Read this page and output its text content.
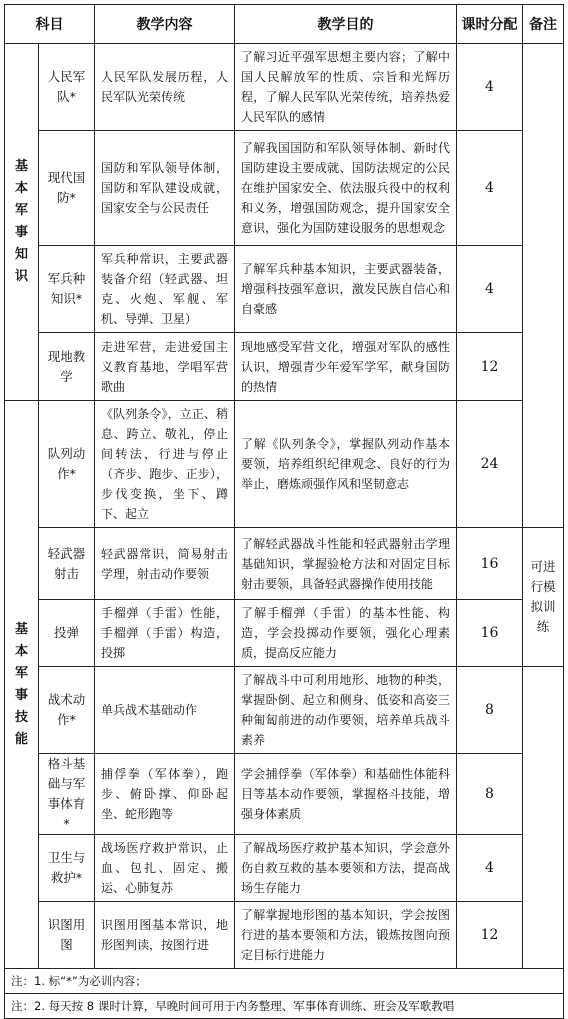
科目		教学内容	教学目的	课时分配	备注
基本军事知识	人民军队*	人民军队发展历程，人民军队光荣传统	了解习近平强军思想主要内容；了解中国人民解放军的性质、宗旨和光辉历程，了解人民军队光荣传统，培养热爱人民军队的感情	4	
	现代国防*	国防和军队领导体制，国防和军队建设成就，国家安全与公民责任	了解我国国防和军队领导体制、新时代国防建设主要成就、国防法规定的公民在维护国家安全、依法服兵役中的权利和义务，增强国防观念，提升国家安全意识，强化为国防建设服务的思想观念	4	
	军兵种知识*	军兵种常识，主要武器装备介绍（轻武器、坦克、火炮、军舰、军机、导弹、卫星）	了解军兵种基本知识，主要武器装备，增强科技强军意识，激发民族自信心和自豪感	4	
	现地教学	走进军营，走进爱国主义教育基地，学唱军营歌曲	现地感受军营文化，增强对军队的感性认识，增强青少年爱军学军，献身国防的热情	12	
基本军事技能	队列动作*	《队列条令》，立正、稍息、跨立、敬礼，停止间转法，行进与停止（齐步、跑步、正步），步伐变换，坐下、蹲下、起立	了解《队列条令》，掌握队列动作基本要领，培养组织纪律观念、良好的行为举止，磨炼顽强作风和坚韧意志	24	
	轻武器射击	轻武器常识，简易射击学理，射击动作要领	了解轻武器战斗性能和轻武器射击学理基础知识，掌握验枪方法和对固定目标射击要领，具备轻武器操作使用技能	16	可进行模拟训练
	投弹	手榴弹（手雷）性能，手榴弹（手雷）构造，投掷	了解手榴弹（手雷）的基本性能、构造，学会投掷动作要领，强化心理素质，提高反应能力	16	
	战术动作*	单兵战术基础动作	了解战斗中可利用地形、地物的种类，掌握卧倒、起立和侧身、低姿和高姿三种匍匐前进的动作要领，培养单兵战斗素养	8	
	格斗基础与军事体育*	捕俘拳（军体拳），跑步、俯卧撑、仰卧起坐、蛇形跑等	学会捕俘拳（军体拳）和基础性体能科目等基本动作要领，掌握格斗技能，增强身体素质	8	
	卫生与救护*	战场医疗救护常识，止血、包扎、固定、搬运、心肺复苏	了解战场医疗救护基本知识，学会意外伤自救互救的基本要领和方法，提高战场生存能力	4	
	识图用图	识图用图基本常识，地形图判读，按图行进	了解掌握地形图的基本知识，学会按图行进的基本要领和方法，锻炼按图向预定目标行进能力	12	
注：1. 标“*”为必训内容；					
注：2. 每天按 8 课时计算，早晚时间可用于内务整理、军事体育训练、班会及军歌教唱					
